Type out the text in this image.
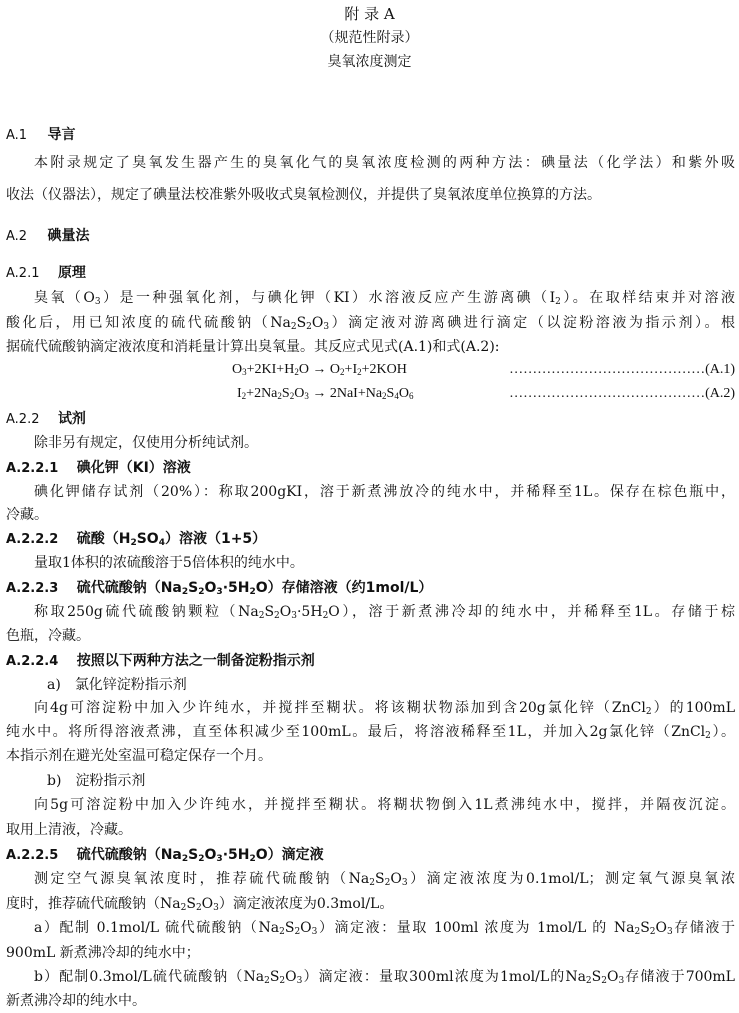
附 录 A
（规范性附录）
臭氧浓度测定
A.1 导言
本附录规定了臭氧发生器产生的臭氧化气的臭氧浓度检测的两种方法：碘量法（化学法）和紫外吸
收法（仪器法），规定了碘量法校准紫外吸收式臭氧检测仪，并提供了臭氧浓度单位换算的方法。
A.2 碘量法
A.2.1 原理
臭氧$(O_3)$是一种强氧化剂，与碘化钾（KI）水溶液反应产生游离碘$(I_2)$。在取样结束并对溶液
酸化后，用已知浓度的硫代硫酸钠$(Na_2S_2O_3)$滴定液对游离碘进行滴定（以淀粉溶液为指示剂）。根
据硫代硫酸钠滴定液浓度和消耗量计算出臭氧量。其反应式见式(A.1)和式(A.2):
$O_3+2KI+H_2O \to O_2+I_2+2KOH$	……………………………………(A.1)
$I_2+2Na_2S_2O_3 \to 2NaI+Na_2S_4O_6$	……………………………………(A.2)
A.2.2 试剂
除非另有规定，仅使用分析纯试剂。
A.2.2.1 碘化钾（KI）溶液
碘化钾储存试剂（20%）：称取200gKI，溶于新煮沸放冷的纯水中，并稀释至1L。保存在棕色瓶中，
冷藏。
A.2.2.2 硫酸$(H_2SO_4)$溶液（1+5）
量取1体积的浓硫酸溶于5倍体积的纯水中。
A.2.2.3 硫代硫酸钠$(Na_2S_2O_3\cdot 5H_2O)$存储溶液（约1mol/L）
称取250g硫代硫酸钠颗粒$(Na_2S_2O_3\cdot 5H_2O)$，溶于新煮沸冷却的纯水中，并稀释至1L。存储于棕
色瓶，冷藏。
A.2.2.4 按照以下两种方法之一制备淀粉指示剂
a) 氯化锌淀粉指示剂
向4g可溶淀粉中加入少许纯水，并搅拌至糊状。将该糊状物添加到含20g氯化锌（ZnCl$_2$）的100mL
纯水中。将所得溶液煮沸，直至体积减少至100mL。最后，将溶液稀释至1L，并加入2g氯化锌（ZnCl$_2$）。
本指示剂在避光处室温可稳定保存一个月。
b) 淀粉指示剂
向5g可溶淀粉中加入少许纯水，并搅拌至糊状。将糊状物倒入1L煮沸纯水中，搅拌，并隔夜沉淀。
取用上清液，冷藏。
A.2.2.5 硫代硫酸钠$(Na_2S_2O_3\cdot 5H_2O)$滴定液
测定空气源臭氧浓度时，推荐硫代硫酸钠$(Na_2S_2O_3)$滴定液浓度为0.1mol/L；测定氧气源臭氧浓
度时，推荐硫代硫酸钠$(Na_2S_2O_3)$滴定液浓度为0.3mol/L。
a）配制 0.1mol/L 硫代硫酸钠$(Na_2S_2O_3)$滴定液：量取 100ml 浓度为 1mol/L 的 $Na_2S_2O_3$存储液于
900mL 新煮沸冷却的纯水中；
b）配制0.3mol/L硫代硫酸钠$(Na_2S_2O_3)$滴定液：量取300ml浓度为1mol/L的$Na_2S_2O_3$存储液于700mL
新煮沸冷却的纯水中。
